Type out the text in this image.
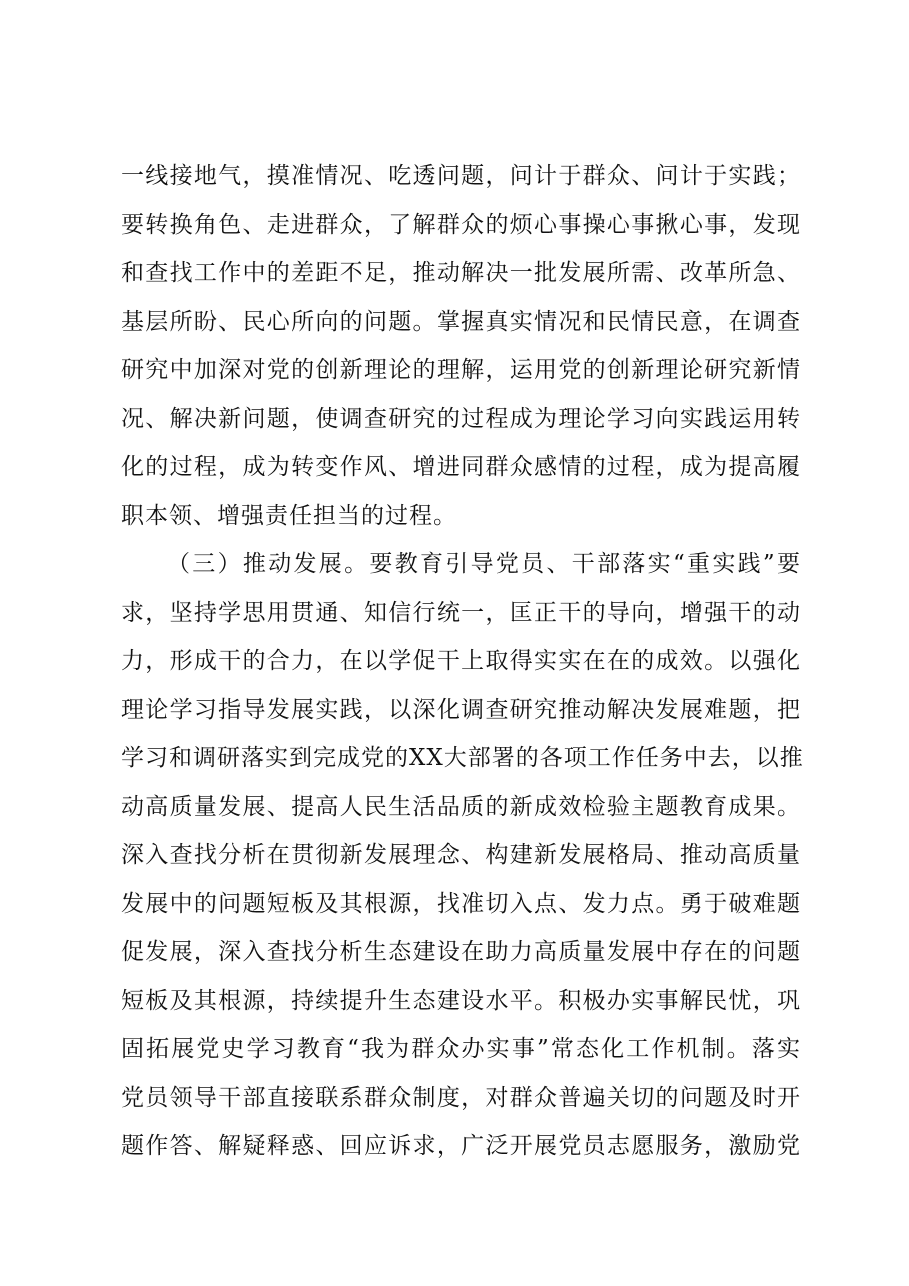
一线接地气，摸准情况、吃透问题，问计于群众、问计于实践；
要转换角色、走进群众，了解群众的烦心事操心事揪心事，发现
和查找工作中的差距不足，推动解决一批发展所需、改革所急、
基层所盼、民心所向的问题。掌握真实情况和民情民意，在调查
研究中加深对党的创新理论的理解，运用党的创新理论研究新情
况、解决新问题，使调查研究的过程成为理论学习向实践运用转
化的过程，成为转变作风、增进同群众感情的过程，成为提高履
职本领、增强责任担当的过程。
（三）推动发展。要教育引导党员、干部落实“重实践”要
求，坚持学思用贯通、知信行统一，匡正干的导向，增强干的动
力，形成干的合力，在以学促干上取得实实在在的成效。以强化
理论学习指导发展实践，以深化调查研究推动解决发展难题，把
学习和调研落实到完成党的XX大部署的各项工作任务中去，以推
动高质量发展、提高人民生活品质的新成效检验主题教育成果。
深入查找分析在贯彻新发展理念、构建新发展格局、推动高质量
发展中的问题短板及其根源，找准切入点、发力点。勇于破难题
促发展，深入查找分析生态建设在助力高质量发展中存在的问题
短板及其根源，持续提升生态建设水平。积极办实事解民忧，巩
固拓展党史学习教育“我为群众办实事”常态化工作机制。落实
党员领导干部直接联系群众制度，对群众普遍关切的问题及时开
题作答、解疑释惑、回应诉求，广泛开展党员志愿服务，激励党
